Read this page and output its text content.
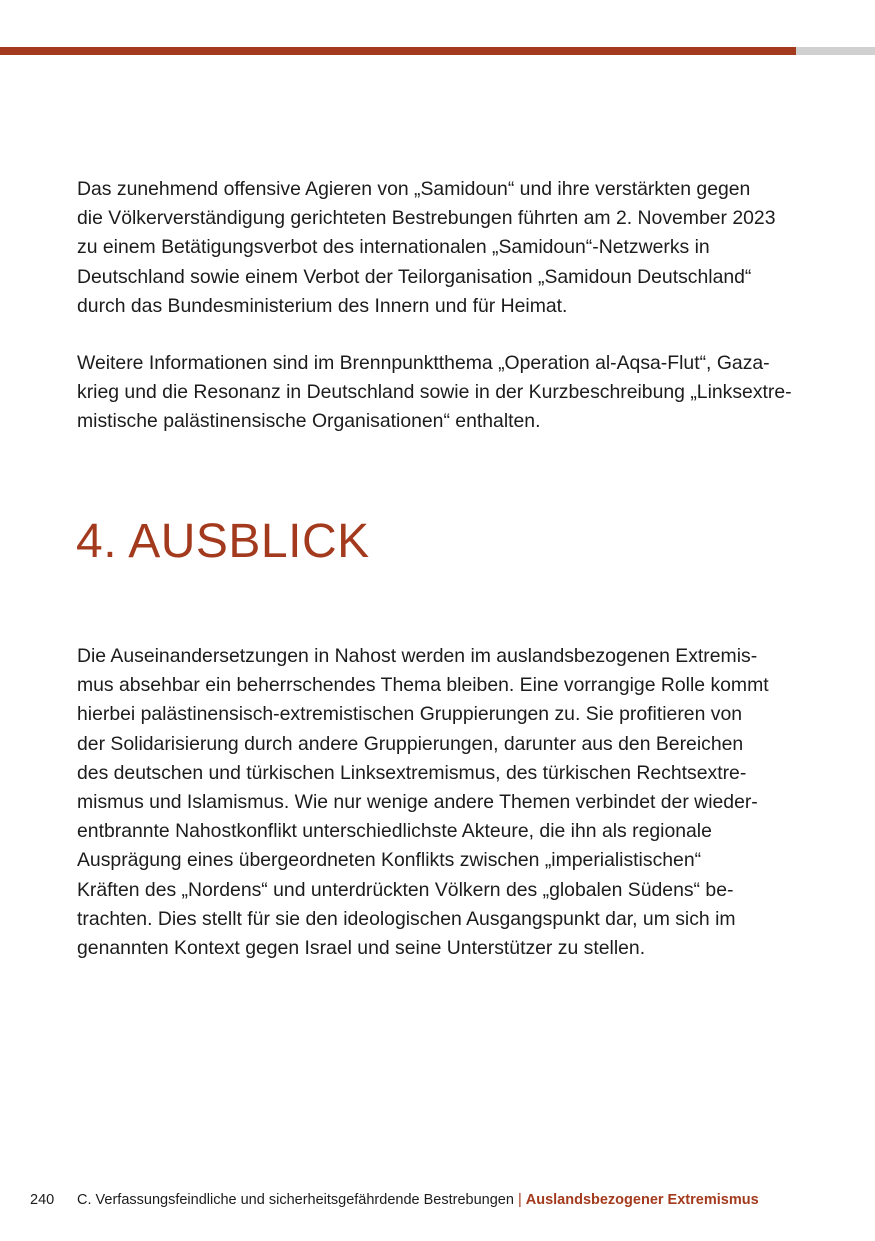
Das zunehmend offensive Agieren von „Samidoun“ und ihre verstärkten gegen
die Völkerverständigung gerichteten Bestrebungen führten am 2. November 2023
zu einem Betätigungsverbot des internationalen „Samidoun“-Netzwerks in
Deutschland sowie einem Verbot der Teilorganisation „Samidoun Deutschland“
durch das Bundesministerium des Innern und für Heimat.
Weitere Informationen sind im Brennpunktthema „Operation al-Aqsa-Flut“, Gaza-
krieg und die Resonanz in Deutschland sowie in der Kurzbeschreibung „Linksextre-
mistische palästinensische Organisationen“ enthalten.
4. AUSBLICK
Die Auseinandersetzungen in Nahost werden im auslandsbezogenen Extremis-
mus absehbar ein beherrschendes Thema bleiben. Eine vorrangige Rolle kommt
hierbei palästinensisch-extremistischen Gruppierungen zu. Sie profitieren von
der Solidarisierung durch andere Gruppierungen, darunter aus den Bereichen
des deutschen und türkischen Linksextremismus, des türkischen Rechtsextre-
mismus und Islamismus. Wie nur wenige andere Themen verbindet der wieder-
entbrannte Nahostkonflikt unterschiedlichste Akteure, die ihn als regionale
Ausprägung eines übergeordneten Konflikts zwischen „imperialistischen“
Kräften des „Nordens“ und unterdrückten Völkern des „globalen Südens“ be-
trachten. Dies stellt für sie den ideologischen Ausgangspunkt dar, um sich im
genannten Kontext gegen Israel und seine Unterstützer zu stellen.
240 C. Verfassungsfeindliche und sicherheitsgefährdende Bestrebungen | Auslandsbezogener Extremismus
